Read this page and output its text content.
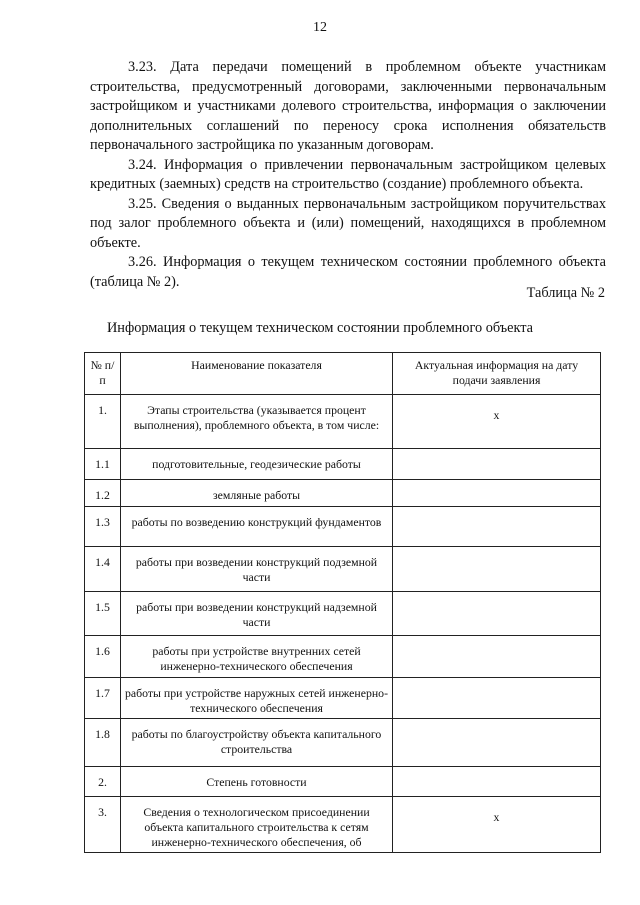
12

3.23. Дата передачи помещений в проблемном объекте участникам строительства, предусмотренный договорами, заключенными первоначальным застройщиком и участниками долевого строительства, информация о заключении дополнительных соглашений по переносу срока исполнения обязательств первоначального застройщика по указанным договорам.

3.24. Информация о привлечении первоначальным застройщиком целевых кредитных (заемных) средств на строительство (создание) проблемного объекта.

3.25. Сведения о выданных первоначальным застройщиком поручительствах под залог проблемного объекта и (или) помещений, находящихся в проблемном объекте.

3.26. Информация о текущем техническом состоянии проблемного объекта (таблица № 2).

Таблица № 2
Информация о текущем техническом состоянии проблемного объекта
№ п/п	Наименование показателя	Актуальная информация на дату подачи заявления
1.	Этапы строительства (указывается процент выполнения), проблемного объекта, в том числе:	х
1.1	подготовительные, геодезические работы	
1.2	земляные работы	
1.3	работы по возведению конструкций фундаментов	
1.4	работы при возведении конструкций подземной части	
1.5	работы при возведении конструкций надземной части	
1.6	работы при устройстве внутренних сетей инженерно-технического обеспечения	
1.7	работы при устройстве наружных сетей инженерно-технического обеспечения	
1.8	работы по благоустройству объекта капитального строительства	
2.	Степень готовности	
3.	Сведения о технологическом присоединении объекта капитального строительства к сетям инженерно-технического обеспечения, об	х
